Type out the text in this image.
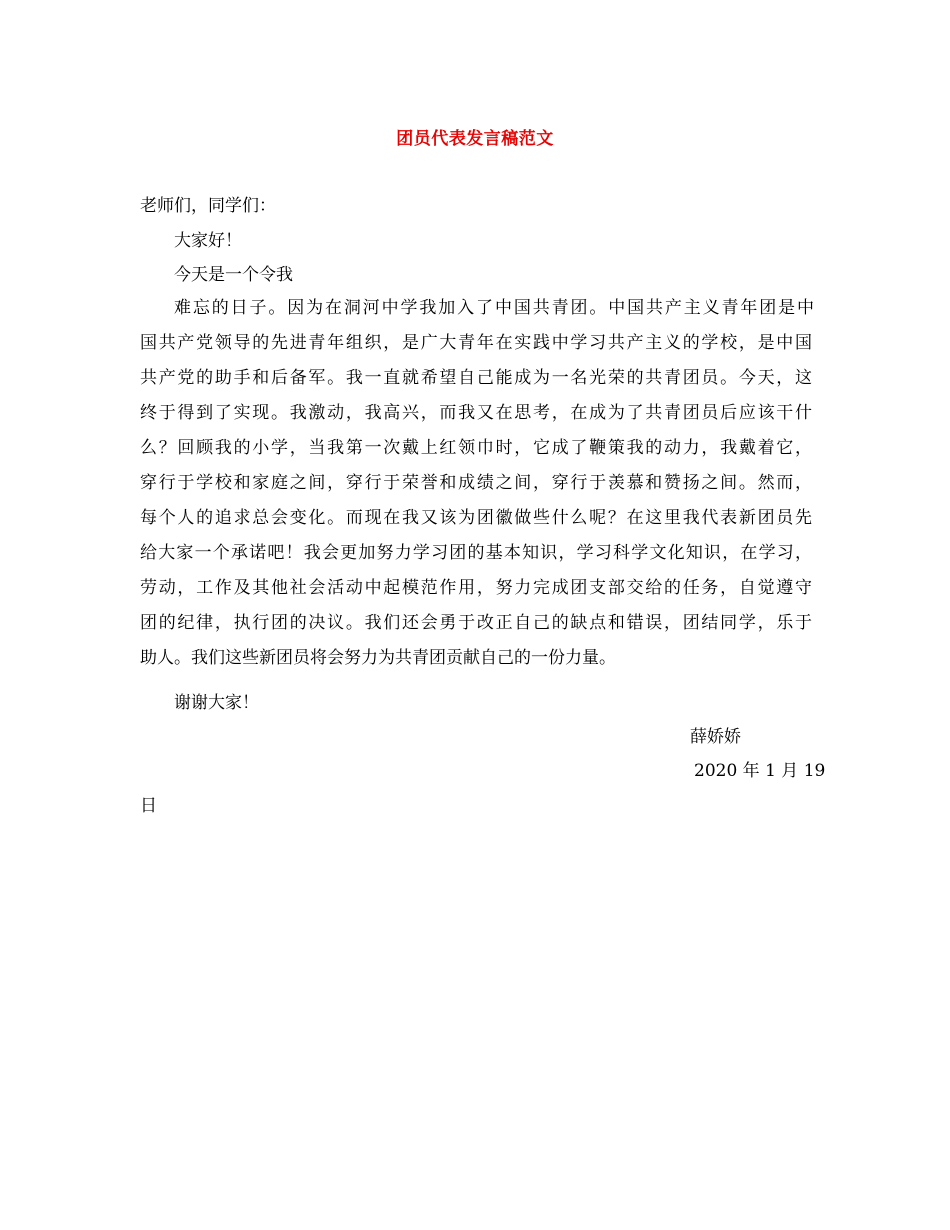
团员代表发言稿范文
老师们，同学们：
大家好！
今天是一个令我
难忘的日子。因为在洞河中学我加入了中国共青团。中国共产主义青年团是中
国共产党领导的先进青年组织，是广大青年在实践中学习共产主义的学校，是中国
共产党的助手和后备军。我一直就希望自己能成为一名光荣的共青团员。今天，这
终于得到了实现。我激动，我高兴，而我又在思考，在成为了共青团员后应该干什
么？回顾我的小学，当我第一次戴上红领巾时，它成了鞭策我的动力，我戴着它，
穿行于学校和家庭之间，穿行于荣誉和成绩之间，穿行于羡慕和赞扬之间。然而，
每个人的追求总会变化。而现在我又该为团徽做些什么呢？在这里我代表新团员先
给大家一个承诺吧！我会更加努力学习团的基本知识，学习科学文化知识，在学习，
劳动，工作及其他社会活动中起模范作用，努力完成团支部交给的任务，自觉遵守
团的纪律，执行团的决议。我们还会勇于改正自己的缺点和错误，团结同学，乐于
助人。我们这些新团员将会努力为共青团贡献自己的一份力量。
谢谢大家！
薛娇娇
2020 年 1 月 19
日
